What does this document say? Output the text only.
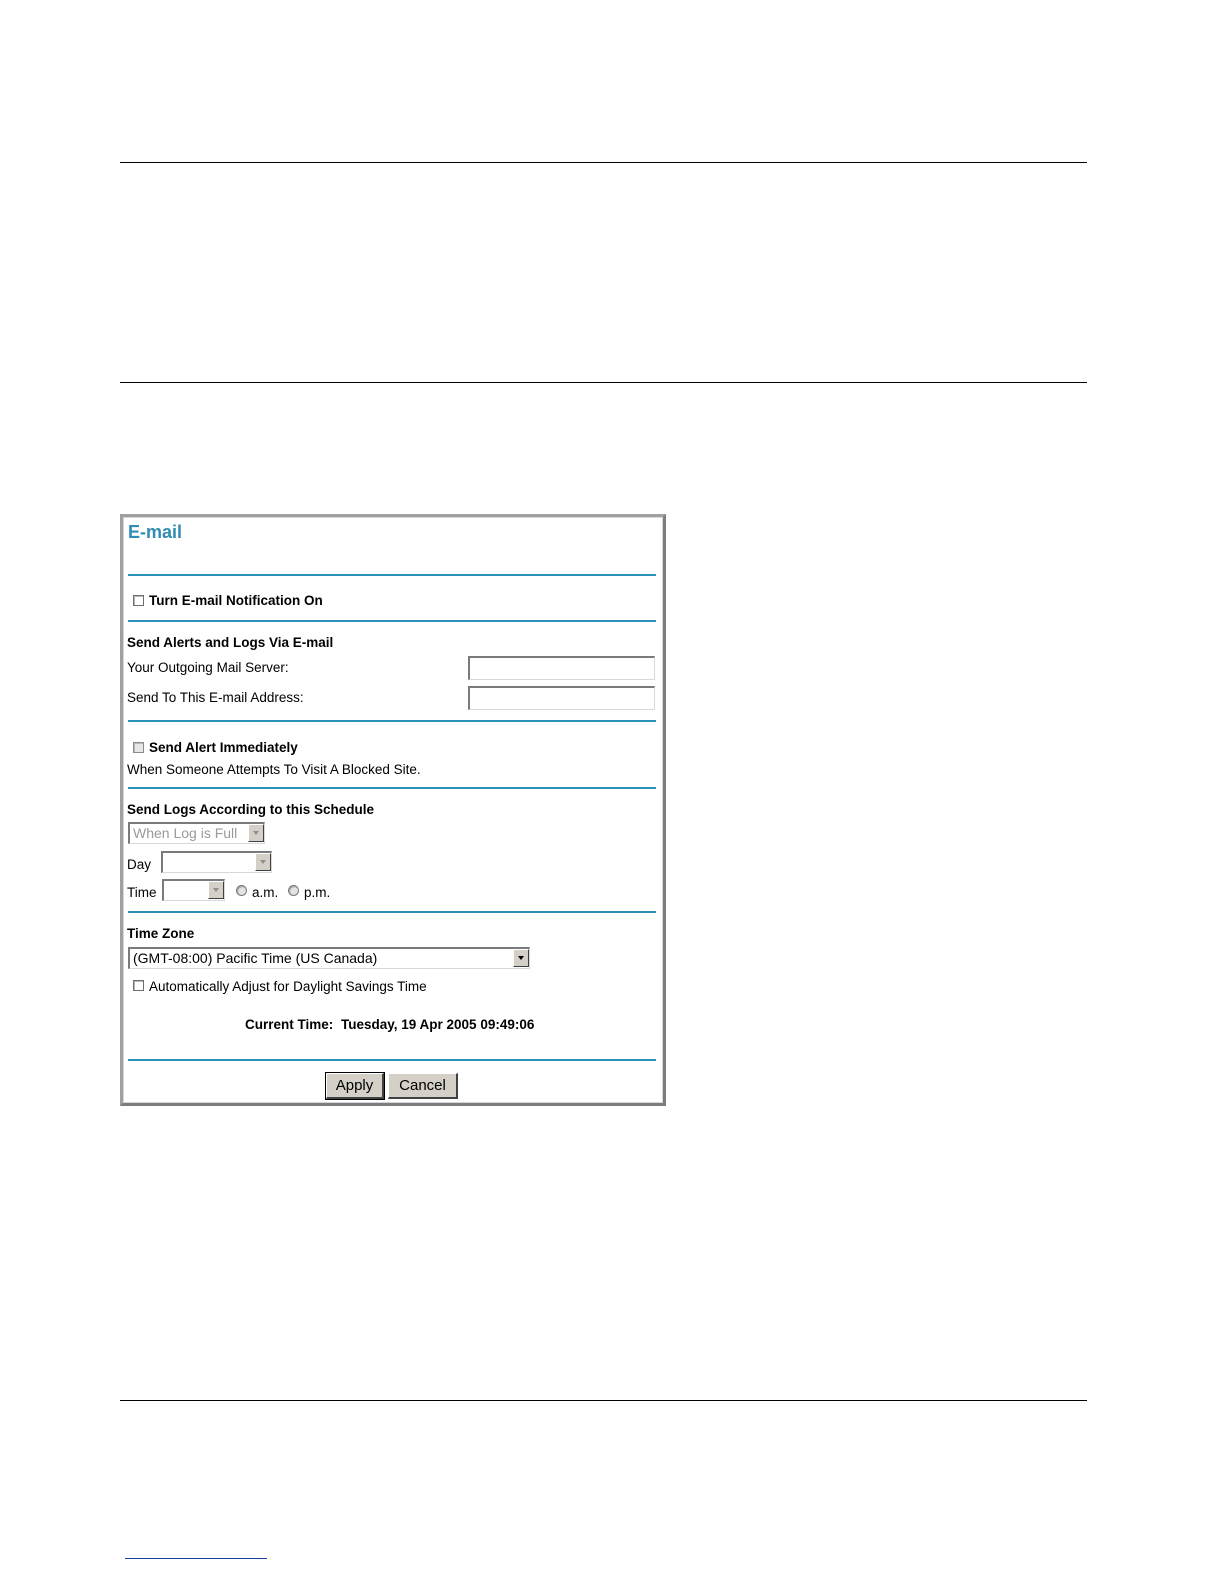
E-mail
Turn E-mail Notification On
Send Alerts and Logs Via E-mail
Your Outgoing Mail Server:
Send To This E-mail Address:
Send Alert Immediately
When Someone Attempts To Visit A Blocked Site.
Send Logs According to this Schedule
When Log is Full
Day
Time	a.m. p.m.
Time Zone
(GMT-08:00) Pacific Time (US Canada)
Automatically Adjust for Daylight Savings Time
Current Time: Tuesday, 19 Apr 2005 09:49:06
Apply	Cancel
